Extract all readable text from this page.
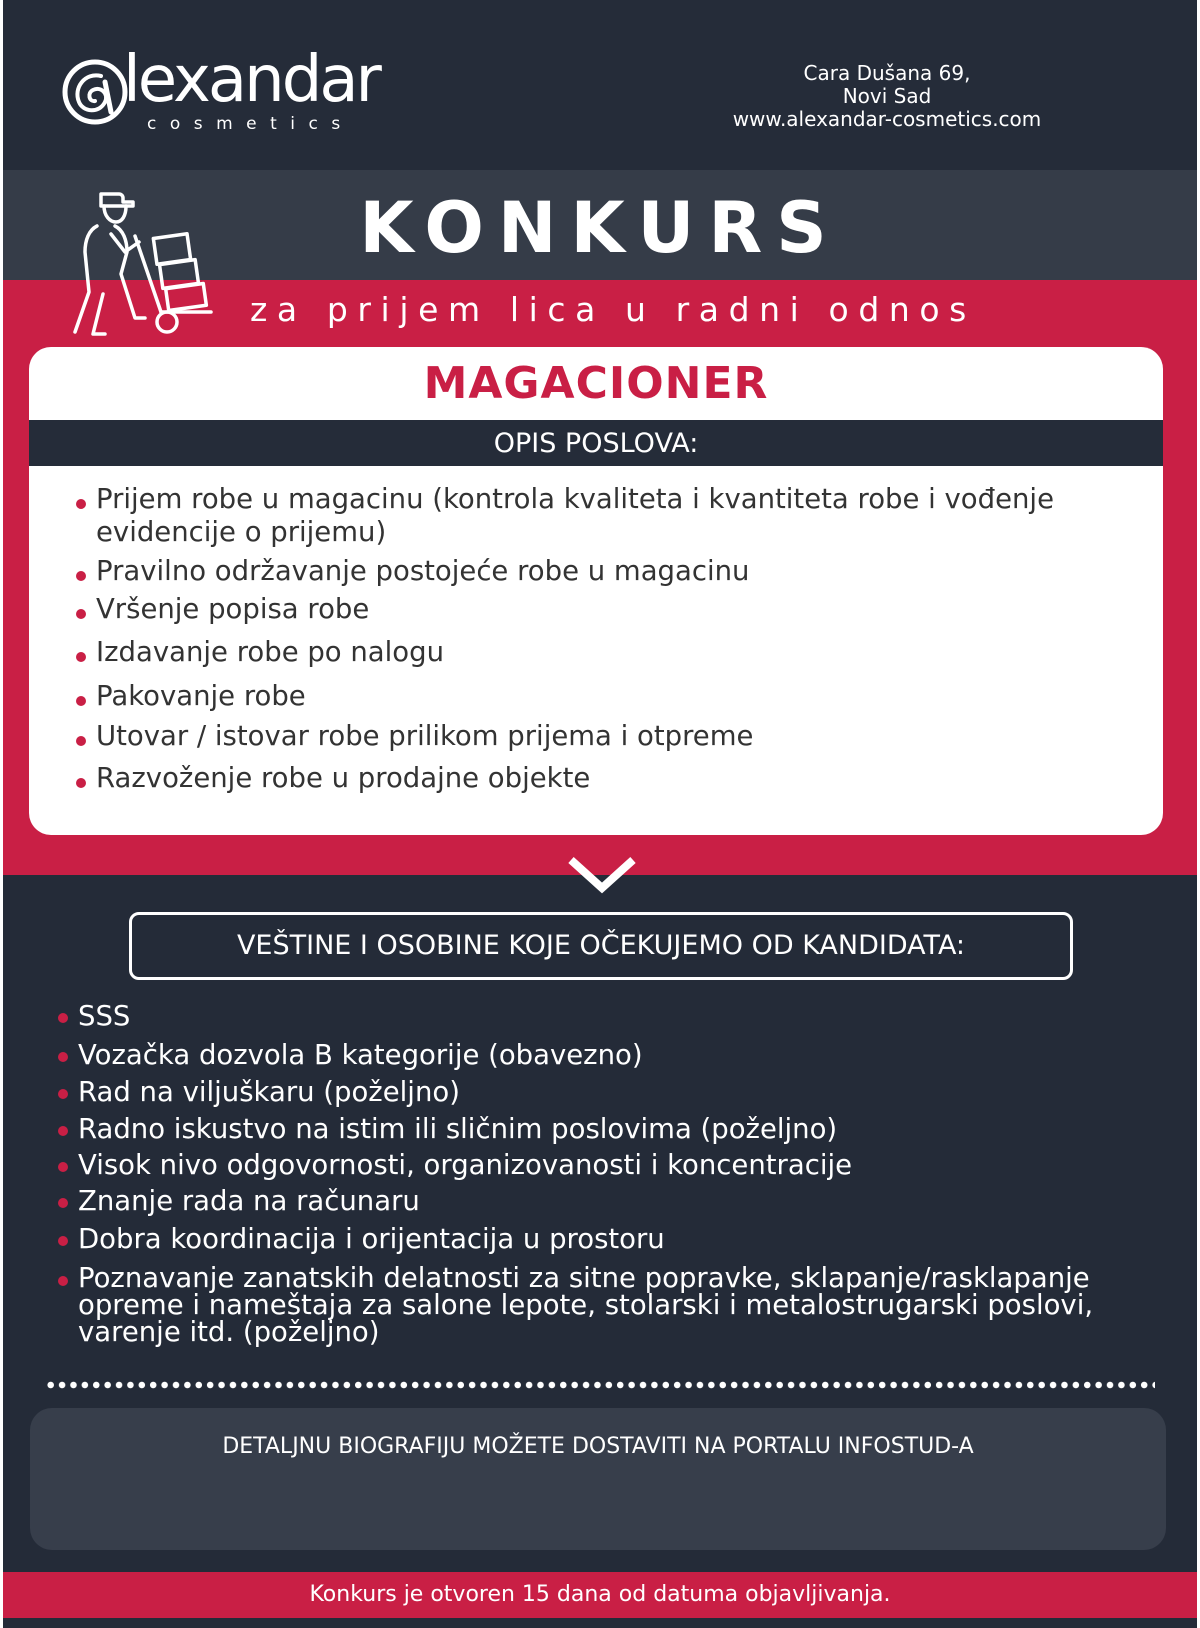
lexandar
cosmetics
Cara Dušana 69,
Novi Sad
www.alexandar-cosmetics.com
KONKURS
za prijem lica u radni odnos
MAGACIONER
OPIS POSLOVA:
Prijem robe u magacinu (kontrola kvaliteta i kvantiteta robe i vođenje evidencije o prijemu)
Pravilno održavanje postojeće robe u magacinu
Vršenje popisa robe
Izdavanje robe po nalogu
Pakovanje robe
Utovar / istovar robe prilikom prijema i otpreme
Razvoženje robe u prodajne objekte
VEŠTINE I OSOBINE KOJE OČEKUJEMO OD KANDIDATA:
SSS
Vozačka dozvola B kategorije (obavezno)
Rad na viljuškaru (poželjno)
Radno iskustvo na istim ili sličnim poslovima (poželjno)
Visok nivo odgovornosti, organizovanosti i koncentracije
Znanje rada na računaru
Dobra koordinacija i orijentacija u prostoru
Poznavanje zanatskih delatnosti za sitne popravke, sklapanje/rasklapanje opreme i nameštaja za salone lepote, stolarski i metalostrugarski poslovi, varenje itd. (poželjno)
DETALJNU BIOGRAFIJU MOŽETE DOSTAVITI NA PORTALU INFOSTUD-A
Konkurs je otvoren 15 dana od datuma objavljivanja.
